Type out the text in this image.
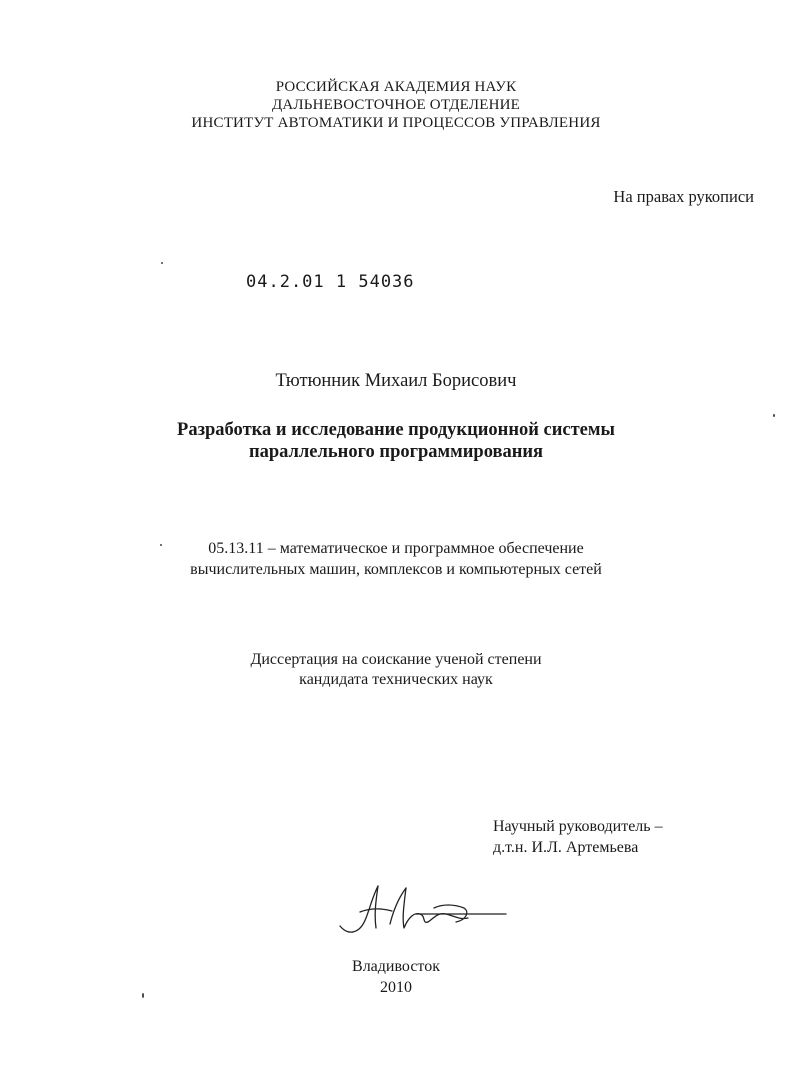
РОССИЙСКАЯ АКАДЕМИЯ НАУК
ДАЛЬНЕВОСТОЧНОЕ ОТДЕЛЕНИЕ
ИНСТИТУТ АВТОМАТИКИ И ПРОЦЕССОВ УПРАВЛЕНИЯ
На правах рукописи
04.2.01 1 54036
Тютюнник Михаил Борисович
Разработка и исследование продукционной системы
параллельного программирования
05.13.11 – математическое и программное обеспечение
вычислительных машин, комплексов и компьютерных сетей
Диссертация на соискание ученой степени
кандидата технических наук
Научный руководитель –
д.т.н. И.Л. Артемьева
Владивосток
2010
